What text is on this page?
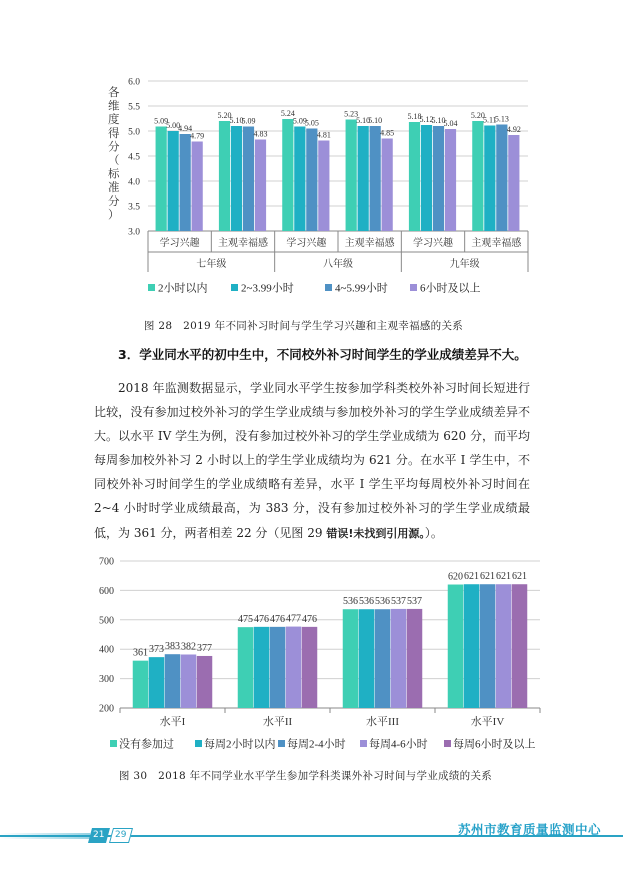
3.0
3.5
4.0
4.5
5.0
5.5
6.0
各维度得分（标准分）
5.09
5.20	5.24	5.23	5.18	5.20
5.00
5.10	5.09	5.10	5.12	5.11
4.94
5.09	5.05	5.10	5.10	5.13
4.79	4.83	4.81	4.85
5.04
4.92
学习兴趣 主观幸福感 学习兴趣 主观幸福感 学习兴趣 主观幸福感
七年级	八年级	九年级
2小时以内	2~3.99小时	4~5.99小时	6小时及以上
图 28　2019 年不同补习时间与学生学习兴趣和主观幸福感的关系
3．学业同水平的初中生中，不同校外补习时间学生的学业成绩差异不大。
2018 年监测数据显示，学业同水平学生按参加学科类校外补习时间长短进行比较，没有参加过校外补习的学生学业成绩与参加校外补习的学生学业成绩差异不大。以水平 IV 学生为例，没有参加过校外补习的学生学业成绩为 620 分，而平均每周参加校外补习 2 小时以上的学生学业成绩均为 621 分。在水平 I 学生中，不同校外补习时间学生的学业成绩略有差异，水平 I 学生平均每周校外补习时间在 2~4 小时时学业成绩最高，为 383 分，没有参加过校外补习的学生学业成绩最低，为 361 分，两者相差 22 分（见图 29 错误!未找到引用源。）。
200
300
400
500
600
700
361
475
536
620
373
476
536
621
383
476
536
621
382
477
537
621
377
476
537
621
水平I	水平II	水平III	水平IV
没有参加过	每周2小时以内 每周2-4小时 每周4-6小时 每周6小时及以上
图 30　2018 年不同学业水平学生参加学科类课外补习时间与学业成绩的关系
21	29	苏州市教育质量监测中心
